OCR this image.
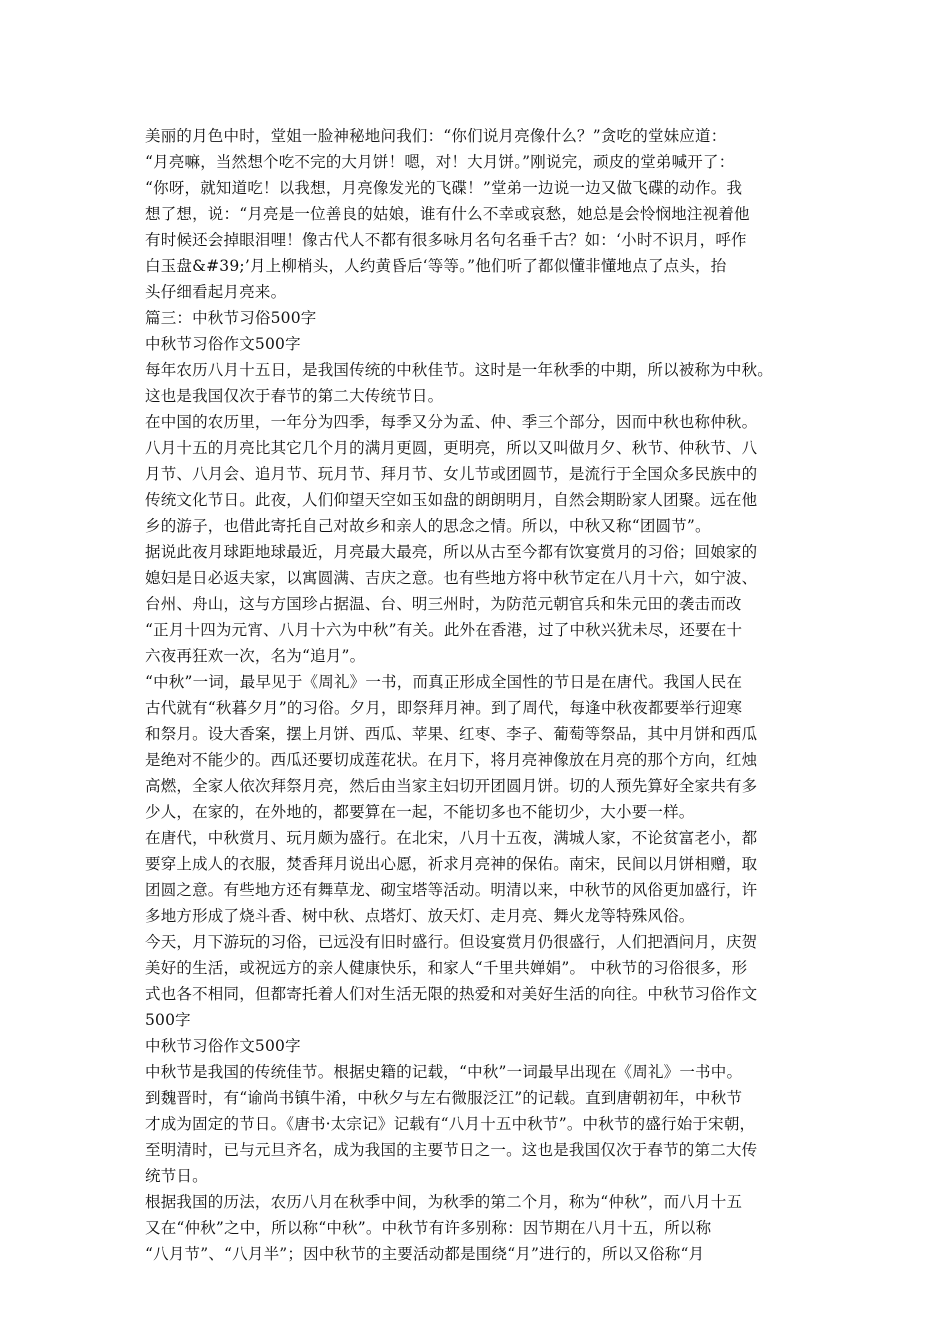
美丽的月色中时，堂姐一脸神秘地问我们：“你们说月亮像什么？”贪吃的堂妹应道：
“月亮嘛，当然想个吃不完的大月饼！嗯，对！大月饼。”刚说完，顽皮的堂弟喊开了：
“你呀，就知道吃！以我想，月亮像发光的飞碟！”堂弟一边说一边又做飞碟的动作。我
想了想，说：“月亮是一位善良的姑娘，谁有什么不幸或哀愁，她总是会怜悯地注视着他
有时候还会掉眼泪哩！像古代人不都有很多咏月名句名垂千古？如：‘小时不识月，呼作
白玉盘&#39;’月上柳梢头，人约黄昏后‘等等。”他们听了都似懂非懂地点了点头，抬
头仔细看起月亮来。
篇三：中秋节习俗500字
中秋节习俗作文500字
每年农历八月十五日，是我国传统的中秋佳节。这时是一年秋季的中期，所以被称为中秋。
这也是我国仅次于春节的第二大传统节日。
在中国的农历里，一年分为四季，每季又分为孟、仲、季三个部分，因而中秋也称仲秋。
八月十五的月亮比其它几个月的满月更圆，更明亮，所以又叫做月夕、秋节、仲秋节、八
月节、八月会、追月节、玩月节、拜月节、女儿节或团圆节，是流行于全国众多民族中的
传统文化节日。此夜，人们仰望天空如玉如盘的朗朗明月，自然会期盼家人团聚。远在他
乡的游子，也借此寄托自己对故乡和亲人的思念之情。所以，中秋又称“团圆节”。
据说此夜月球距地球最近，月亮最大最亮，所以从古至今都有饮宴赏月的习俗；回娘家的
媳妇是日必返夫家，以寓圆满、吉庆之意。也有些地方将中秋节定在八月十六，如宁波、
台州、舟山，这与方国珍占据温、台、明三州时，为防范元朝官兵和朱元田的袭击而改
“正月十四为元宵、八月十六为中秋”有关。此外在香港，过了中秋兴犹未尽，还要在十
六夜再狂欢一次，名为“追月”。
“中秋”一词，最早见于《周礼》一书，而真正形成全国性的节日是在唐代。我国人民在
古代就有“秋暮夕月”的习俗。夕月，即祭拜月神。到了周代，每逢中秋夜都要举行迎寒
和祭月。设大香案，摆上月饼、西瓜、苹果、红枣、李子、葡萄等祭品，其中月饼和西瓜
是绝对不能少的。西瓜还要切成莲花状。在月下，将月亮神像放在月亮的那个方向，红烛
高燃，全家人依次拜祭月亮，然后由当家主妇切开团圆月饼。切的人预先算好全家共有多
少人，在家的，在外地的，都要算在一起，不能切多也不能切少，大小要一样。
在唐代，中秋赏月、玩月颇为盛行。在北宋，八月十五夜，满城人家，不论贫富老小，都
要穿上成人的衣服，焚香拜月说出心愿，祈求月亮神的保佑。南宋，民间以月饼相赠，取
团圆之意。有些地方还有舞草龙、砌宝塔等活动。明清以来，中秋节的风俗更加盛行，许
多地方形成了烧斗香、树中秋、点塔灯、放天灯、走月亮、舞火龙等特殊风俗。
今天，月下游玩的习俗，已远没有旧时盛行。但设宴赏月仍很盛行，人们把酒问月，庆贺
美好的生活，或祝远方的亲人健康快乐，和家人“千里共婵娟”。 中秋节的习俗很多，形
式也各不相同，但都寄托着人们对生活无限的热爱和对美好生活的向往。中秋节习俗作文
500字
中秋节习俗作文500字
中秋节是我国的传统佳节。根据史籍的记载，“中秋”一词最早出现在《周礼》一书中。
到魏晋时，有“谕尚书镇牛淆，中秋夕与左右微服泛江”的记载。直到唐朝初年，中秋节
才成为固定的节日。《唐书·太宗记》记载有“八月十五中秋节”。中秋节的盛行始于宋朝，
至明清时，已与元旦齐名，成为我国的主要节日之一。这也是我国仅次于春节的第二大传
统节日。
根据我国的历法，农历八月在秋季中间，为秋季的第二个月，称为“仲秋”，而八月十五
又在“仲秋”之中，所以称“中秋”。中秋节有许多别称：因节期在八月十五，所以称
“八月节”、“八月半”；因中秋节的主要活动都是围绕“月”进行的，所以又俗称“月
